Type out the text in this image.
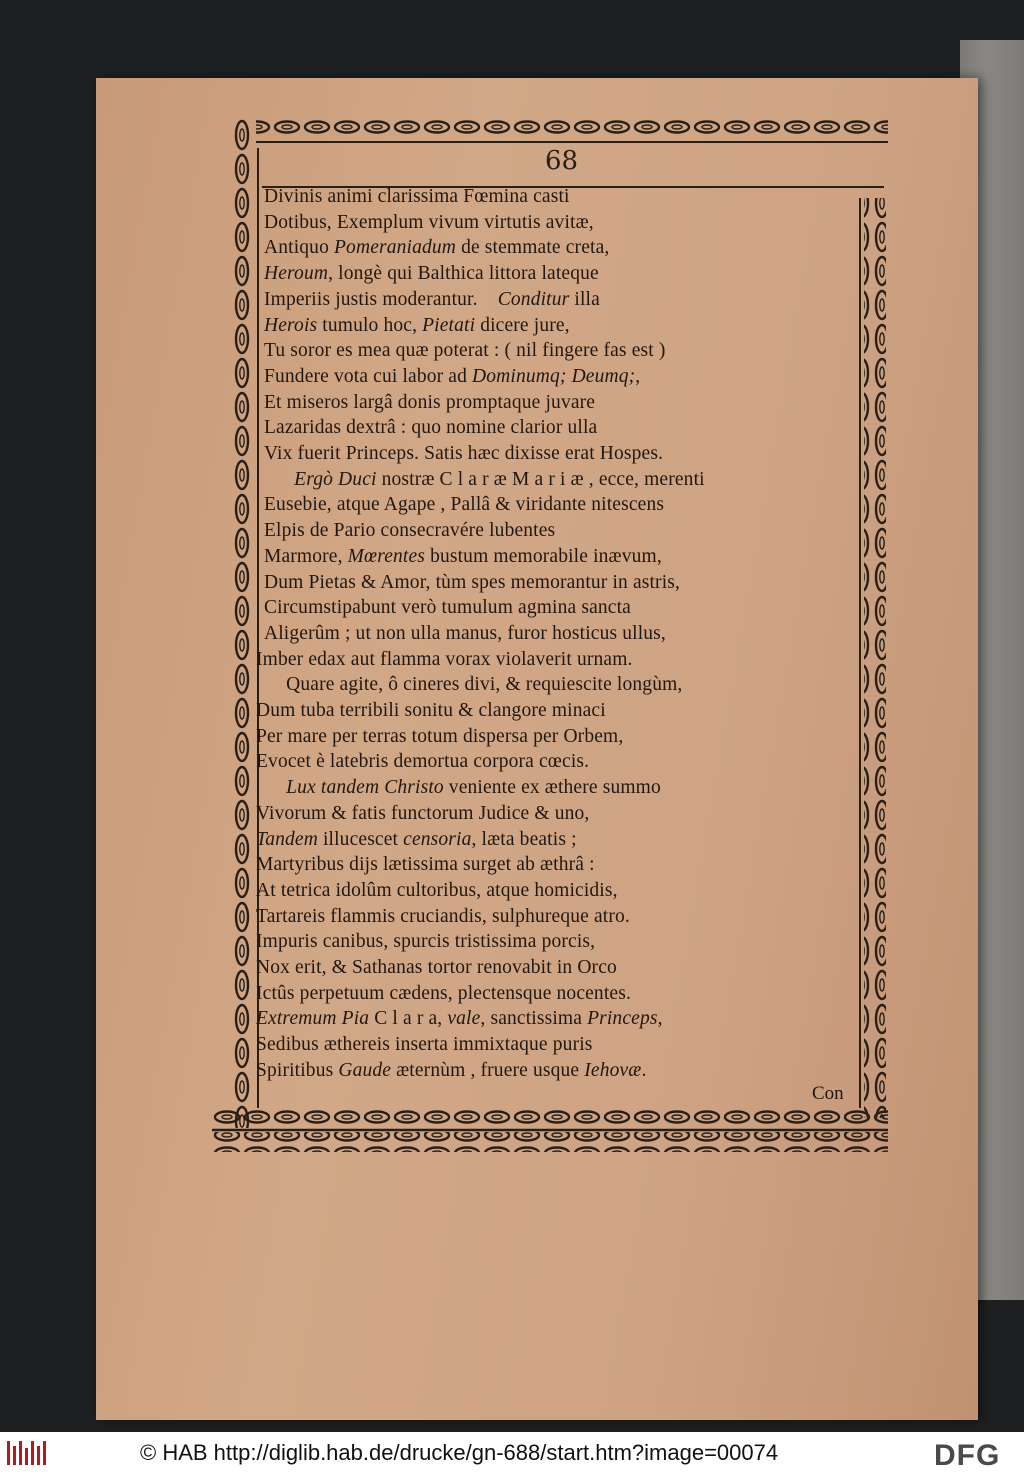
68
Divinis animi clarissima Fœmina casti
Dotibus, Exemplum vivum virtutis avitæ,
Antiquo Pomeraniadum de stemmate creta,
Heroum, longè qui Balthica littora lateque
Imperiis justis moderantur.    Conditur illa
Herois tumulo hoc, Pietati dicere jure,
Tu soror es mea quæ poterat : ( nil fingere fas est )
Fundere vota cui labor ad Dominumq; Deumq;,
Et miseros largâ donis promptaque juvare
Lazaridas dextrâ : quo nomine clarior ulla
Vix fuerit Princeps. Satis hæc dixisse erat Hospes.
Ergò Duci nostræ C l a r æ M a r i æ , ecce, merenti
Eusebie, atque Agape , Pallâ & viridante nitescens
Elpis de Pario consecravére lubentes
Marmore, Mœrentes bustum memorabile inævum,
Dum Pietas & Amor, tùm spes memorantur in astris,
Circumstipabunt verò tumulum agmina sancta
Aligerûm ; ut non ulla manus, furor hosticus ullus,
Imber edax aut flamma vorax violaverit urnam.
Quare agite, ô cineres divi, & requiescite longùm,
Dum tuba terribili sonitu & clangore minaci
Per mare per terras totum dispersa per Orbem,
Evocet è latebris demortua corpora cœcis.
Lux tandem Christo veniente ex æthere summo
Vivorum & fatis functorum Judice & uno,
Tandem illucescet censoria, læta beatis ;
Martyribus dijs lætissima surget ab æthrâ :
At tetrica idolûm cultoribus, atque homicidis,
Tartareis flammis cruciandis, sulphureque atro.
Impuris canibus, spurcis tristissima porcis,
Nox erit, & Sathanas tortor renovabit in Orco
Ictûs perpetuum cædens, plectensque nocentes.
Extremum Pia C l a r a, vale, sanctissima Princeps,
Sedibus æthereis inserta immixtaque puris
Spiritibus Gaude æternùm , fruere usque Iehovæ.
Con
© HAB http://diglib.hab.de/drucke/gn-688/start.htm?image=00074	DFG
